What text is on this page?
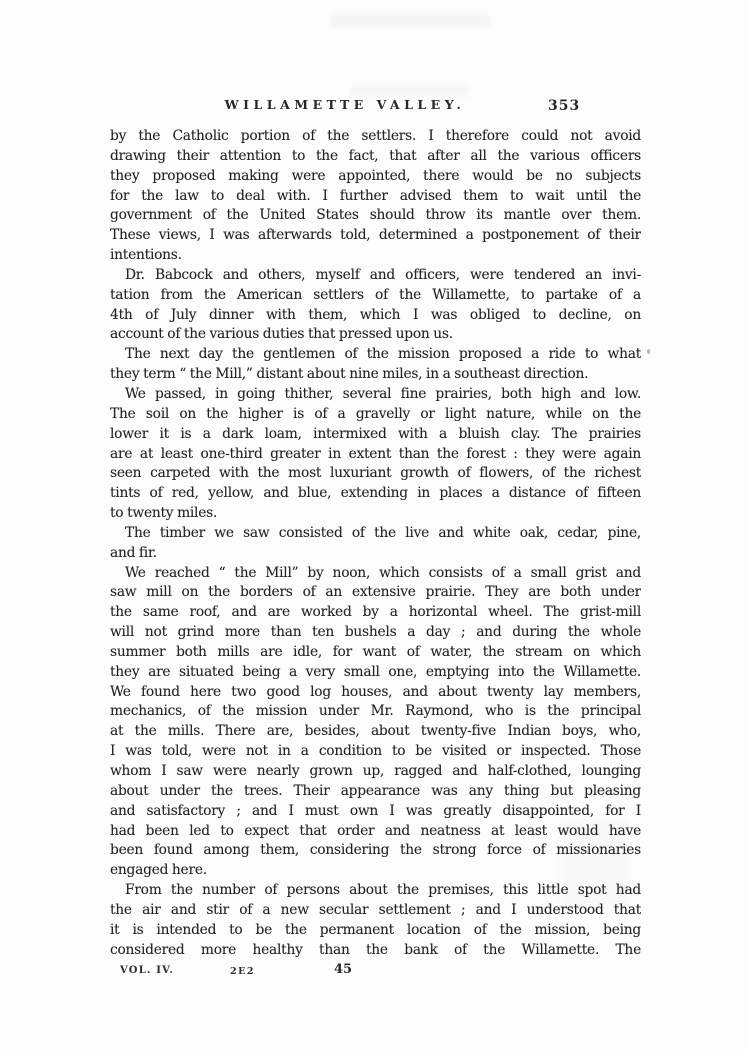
WILLAMETTE VALLEY.	353
by the Catholic portion of the settlers. I therefore could not avoid
drawing their attention to the fact, that after all the various officers
they proposed making were appointed, there would be no subjects
for the law to deal with. I further advised them to wait until the
government of the United States should throw its mantle over them.
These views, I was afterwards told, determined a postponement of their
intentions.
Dr. Babcock and others, myself and officers, were tendered an invi-
tation from the American settlers of the Willamette, to partake of a
4th of July dinner with them, which I was obliged to decline, on
account of the various duties that pressed upon us.
The next day the gentlemen of the mission proposed a ride to what
they term “ the Mill,” distant about nine miles, in a southeast direction.
We passed, in going thither, several fine prairies, both high and low.
The soil on the higher is of a gravelly or light nature, while on the
lower it is a dark loam, intermixed with a bluish clay. The prairies
are at least one-third greater in extent than the forest : they were again
seen carpeted with the most luxuriant growth of flowers, of the richest
tints of red, yellow, and blue, extending in places a distance of fifteen
to twenty miles.
The timber we saw consisted of the live and white oak, cedar, pine,
and fir.
We reached “ the Mill” by noon, which consists of a small grist and
saw mill on the borders of an extensive prairie. They are both under
the same roof, and are worked by a horizontal wheel. The grist-mill
will not grind more than ten bushels a day ; and during the whole
summer both mills are idle, for want of water, the stream on which
they are situated being a very small one, emptying into the Willamette.
We found here two good log houses, and about twenty lay members,
mechanics, of the mission under Mr. Raymond, who is the principal
at the mills. There are, besides, about twenty-five Indian boys, who,
I was told, were not in a condition to be visited or inspected. Those
whom I saw were nearly grown up, ragged and half-clothed, lounging
about under the trees. Their appearance was any thing but pleasing
and satisfactory ; and I must own I was greatly disappointed, for I
had been led to expect that order and neatness at least would have
been found among them, considering the strong force of missionaries
engaged here.
From the number of persons about the premises, this little spot had
the air and stir of a new secular settlement ; and I understood that
it is intended to be the permanent location of the mission, being
considered more healthy than the bank of the Willamette. The
VOL. IV.	2E2	45
